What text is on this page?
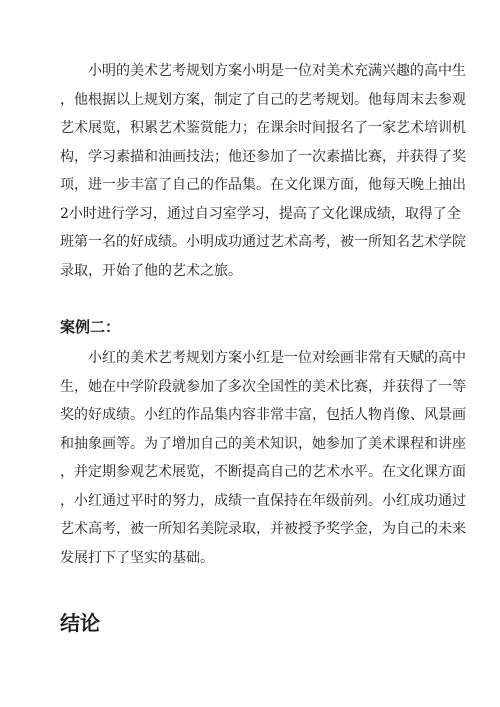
小明的美术艺考规划方案小明是一位对美术充满兴趣的高中生
，他根据以上规划方案，制定了自己的艺考规划。他每周末去参观
艺术展览，积累艺术鉴赏能力；在课余时间报名了一家艺术培训机
构，学习素描和油画技法；他还参加了一次素描比赛，并获得了奖
项，进一步丰富了自己的作品集。在文化课方面，他每天晚上抽出
2小时进行学习，通过自习室学习，提高了文化课成绩，取得了全
班第一名的好成绩。小明成功通过艺术高考，被一所知名艺术学院
录取，开始了他的艺术之旅。
案例二：
小红的美术艺考规划方案小红是一位对绘画非常有天赋的高中
生，她在中学阶段就参加了多次全国性的美术比赛，并获得了一等
奖的好成绩。小红的作品集内容非常丰富，包括人物肖像、风景画
和抽象画等。为了增加自己的美术知识，她参加了美术课程和讲座
，并定期参观艺术展览，不断提高自己的艺术水平。在文化课方面
，小红通过平时的努力，成绩一直保持在年级前列。小红成功通过
艺术高考，被一所知名美院录取，并被授予奖学金，为自己的未来
发展打下了坚实的基础。
结论
